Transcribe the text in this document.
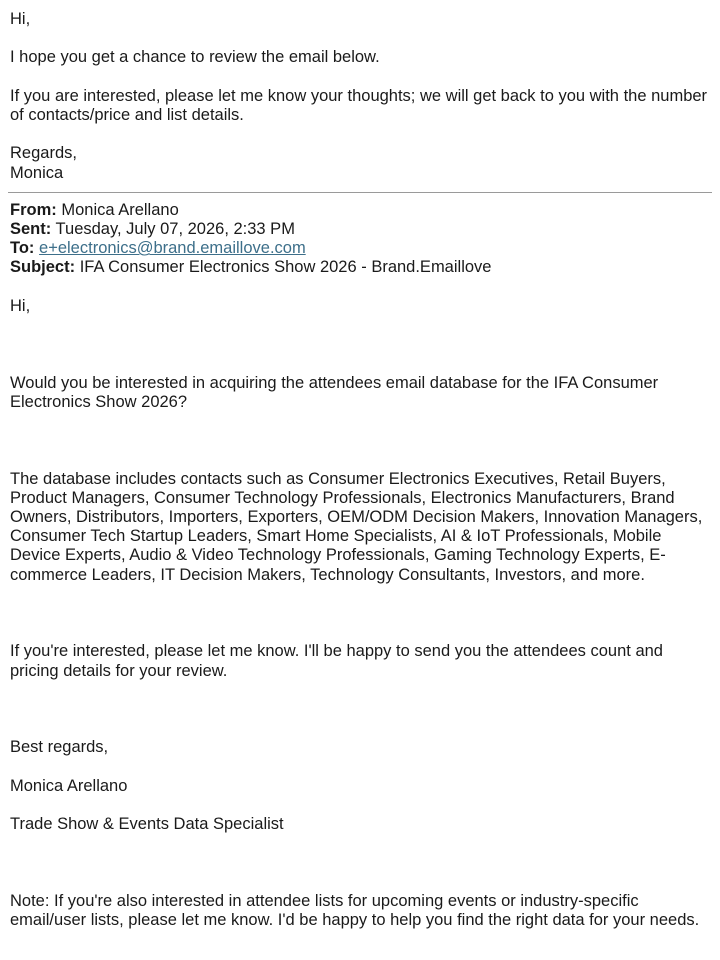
Hi,

I hope you get a chance to review the email below.

If you are interested, please let me know your thoughts; we will get back to you with the number of contacts/price and list details.

Regards,

Monica

From: Monica Arellano

Sent: Tuesday, July 07, 2026, 2:33 PM

To: e+electronics@brand.emaillove.com

Subject: IFA Consumer Electronics Show 2026 - Brand.Emaillove

Hi,

Would you be interested in acquiring the attendees email database for the IFA Consumer Electronics Show 2026?

The database includes contacts such as Consumer Electronics Executives, Retail Buyers, Product Managers, Consumer Technology Professionals, Electronics Manufacturers, Brand Owners, Distributors, Importers, Exporters, OEM/ODM Decision Makers, Innovation Managers, Consumer Tech Startup Leaders, Smart Home Specialists, AI & IoT Professionals, Mobile Device Experts, Audio & Video Technology Professionals, Gaming Technology Experts, E-commerce Leaders, IT Decision Makers, Technology Consultants, Investors, and more.

If you're interested, please let me know. I'll be happy to send you the attendees count and pricing details for your review.

Best regards,

Monica Arellano

Trade Show & Events Data Specialist

Note: If you're also interested in attendee lists for upcoming events or industry-specific email/user lists, please let me know. I'd be happy to help you find the right data for your needs.
